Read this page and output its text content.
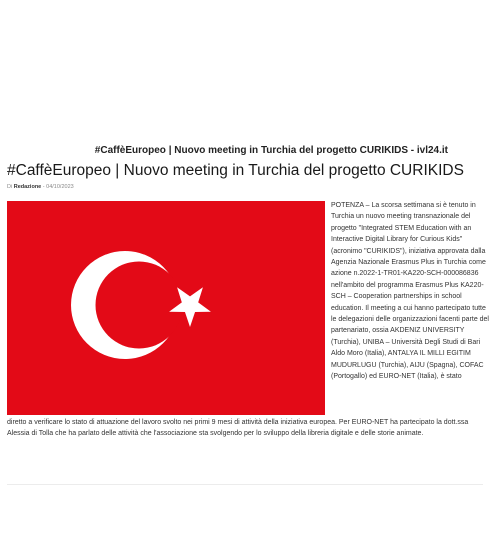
#CaffèEuropeo | Nuovo meeting in Turchia del progetto CURIKIDS - ivl24.it
#CaffèEuropeo | Nuovo meeting in Turchia del progetto CURIKIDS
Di Redazione - 04/10/2023

POTENZA – La scorsa settimana si è tenuto in Turchia un nuovo meeting transnazionale del progetto "Integrated STEM Education with an Interactive Digital Library for Curious Kids" (acronimo "CURIKIDS"), iniziativa approvata dalla Agenzia Nazionale Erasmus Plus in Turchia come azione n.2022-1-TR01-KA220-SCH-000086836 nell'ambito del programma Erasmus Plus KA220-SCH – Cooperation partnerships in school education. Il meeting a cui hanno partecipato tutte le delegazioni delle organizzazioni facenti parte del partenariato, ossia AKDENIZ UNIVERSITY (Turchia), UNIBA – Università Degli Studi di Bari Aldo Moro (Italia), ANTALYA IL MILLI EGITIM MUDURLUGU (Turchia), AIJU (Spagna), COFAC (Portogallo) ed EURO-NET (Italia), è stato

diretto a verificare lo stato di attuazione del lavoro svolto nei primi 9 mesi di attività della iniziativa europea. Per EURO-NET ha partecipato la dott.ssa Alessia di Tolla che ha parlato delle attività che l'associazione sta svolgendo per lo sviluppo della libreria digitale e delle storie animate.
